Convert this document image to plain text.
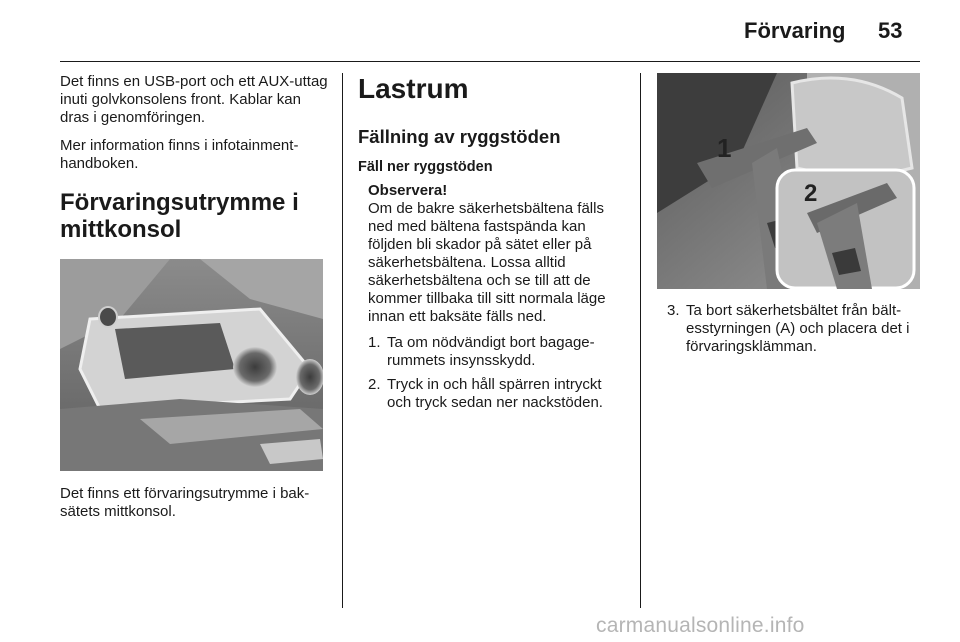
Förvaring 53

Det finns en USB-port och ett AUX-uttag inuti golvkonsolens front. Kablar kan dras i genomföringen.

Mer information finns i infotainment-handboken.

Förvaringsutrymme i mittkonsol

Det finns ett förvaringsutrymme i bak-sätets mittkonsol.

Lastrum
Fällning av ryggstöden
Fäll ner ryggstöden
Observera!
Om de bakre säkerhetsbältena fälls ned med bältena fastspända kan följden bli skador på sätet eller på säkerhetsbältena. Lossa alltid säkerhetsbältena och se till att de kommer tillbaka till sitt normala läge innan ett baksäte fälls ned.
1. Ta om nödvändigt bort bagage-rummets insynsskydd.
2. Tryck in och håll spärren intryckt och tryck sedan ner nackstöden.
1
2
3. Ta bort säkerhetsbältet från bält-esstyrningen (A) och placera det i förvaringsklämman.
carmanualsonline.info
